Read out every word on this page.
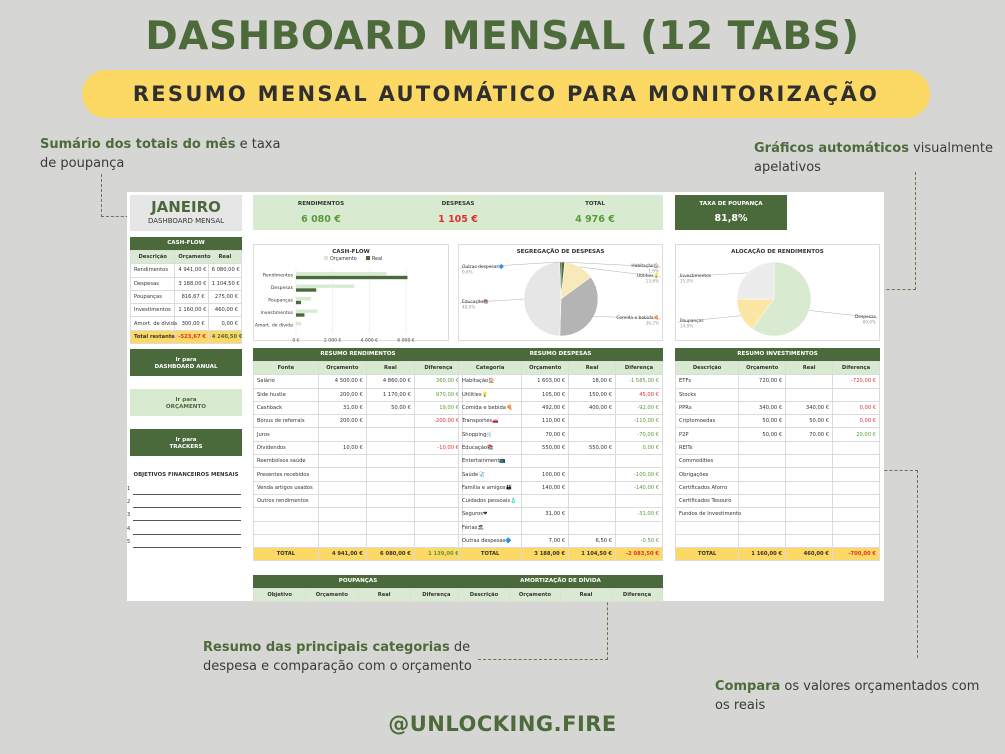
DASHBOARD MENSAL (12 TABS)
RESUMO MENSAL AUTOMÁTICO PARA MONITORIZAÇÃO
Sumário dos totais do mês e taxa de poupança
Gráficos automáticos visualmente apelativos
Resumo das principais categorias de despesa e comparação com o orçamento
Compara os valores orçamentados com os reais
@UNLOCKING.FIRE
JANEIRO
DASHBOARD MENSAL
RENDIMENTOS
6 080 €
DESPESAS
1 105 €
TOTAL
4 976 €
TAXA DE POUPANÇA
81,8%
CASH-FLOW
Descrição	Orçamento	Real
Rendimentos	4 941,00 €	6 080,00 €
Despesas	3 188,00 €	1 104,50 €
Poupanças	816,67 €	275,00 €
Investimentos	1 160,00 €	460,00 €
Amort. de dívida	300,00 €	0,00 €
Total restante	-523,67 €	4 240,50 €
Ir para
DASHBOARD ANUAL
Ir para
ORÇAMENTO
Ir para
TRACKERS
OBJETIVOS FINANCEIROS MENSAIS
1
2
3
4
5
CASH-FLOW
Orçamento	Real
0 €	2 000 €	4 000 €	6 000 €
Rendimentos
Despesas
Poupanças
Investimentos
Amort. de dívida
SEGREGAÇÃO DE DESPESAS
Habitação🏠
1,6%
Utilities💡
13,6%
Comida e bebida🍕
36,2%
Educação📚
48,0%
Outras despesas🔷
0,6%
ALOCAÇÃO DE RENDIMENTOS
Despesas
60,0%
Poupanças
14,9%
Investimentos
25,0%
RESUMO RENDIMENTOS
Fonte	Orçamento	Real	Diferença
Salário	4 500,00 €	4 860,00 €	360,00 €
Side hustle	200,00 €	1 170,00 €	970,00 €
Cashback	31,00 €	50,00 €	19,00 €
Bónus de referrals	200,00 €		-200,00 €
Juros			
Dividendos	10,00 €		-10,00 €
Reembolsos saúde			
Presentes recebidos			
Venda artigos usados			
Outros rendimentos			

TOTAL	4 941,00 €	6 080,00 €	1 139,00 €
RESUMO DESPESAS
Categoria	Orçamento	Real	Diferença
Habitação🏠	1 603,00 €	18,00 €	-1 585,00 €
Utilities💡	105,00 €	150,00 €	45,00 €
Comida e bebida🍕	492,00 €	400,00 €	-92,00 €
Transportes🚗	110,00 €		-110,00 €
Shopping🛒	70,00 €		-70,00 €
Educação📚	550,00 €	550,00 €	0,00 €
Entertainment📺			
Saúde🩺	100,00 €		-100,00 €
Família e amigos👪	140,00 €		-140,00 €
Cuidados pessoais🧴			
Seguros❤	31,00 €		-31,00 €
Férias🏖			
Outras despesas🔷	7,00 €	6,50 €	-0,50 €
TOTAL	3 188,00 €	1 104,50 €	-2 083,50 €
RESUMO INVESTIMENTOS
Descrição	Orçamento	Real	Diferença
ETFs	720,00 €		-720,00 €
Stocks			
PPRs	340,00 €	340,00 €	0,00 €
Criptomoedas	50,00 €	50,00 €	0,00 €
P2P	50,00 €	70,00 €	20,00 €
REITs			
Commodities			
Obrigações			
Certificados Aforro			
Certificados Tesouro			
Fundos de Investimento			

TOTAL	1 160,00 €	460,00 €	-700,00 €
POUPANÇAS
Objetivo	Orçamento	Real	Diferença
AMORTIZAÇÃO DE DÍVIDA
Descrição	Orçamento	Real	Diferença
